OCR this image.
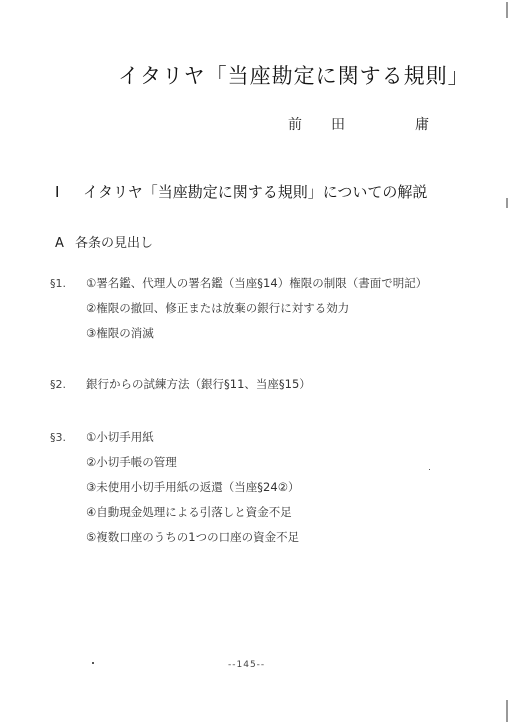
イタリヤ「当座勘定に関する規則」
前 田	庸
I イタリヤ「当座勘定に関する規則」についての解説
A 各条の見出し
§1. ①署名鑑、代理人の署名鑑（当座§14）権限の制限（書面で明記）
②権限の撤回、修正または放棄の銀行に対する効力
③権限の消滅
§2. 銀行からの試練方法（銀行§11、当座§15）
§3. ①小切手用紙
②小切手帳の管理
③未使用小切手用紙の返還（当座§24②）
④自動現金処理による引落しと資金不足
⑤複数口座のうちの1つの口座の資金不足
--145--
